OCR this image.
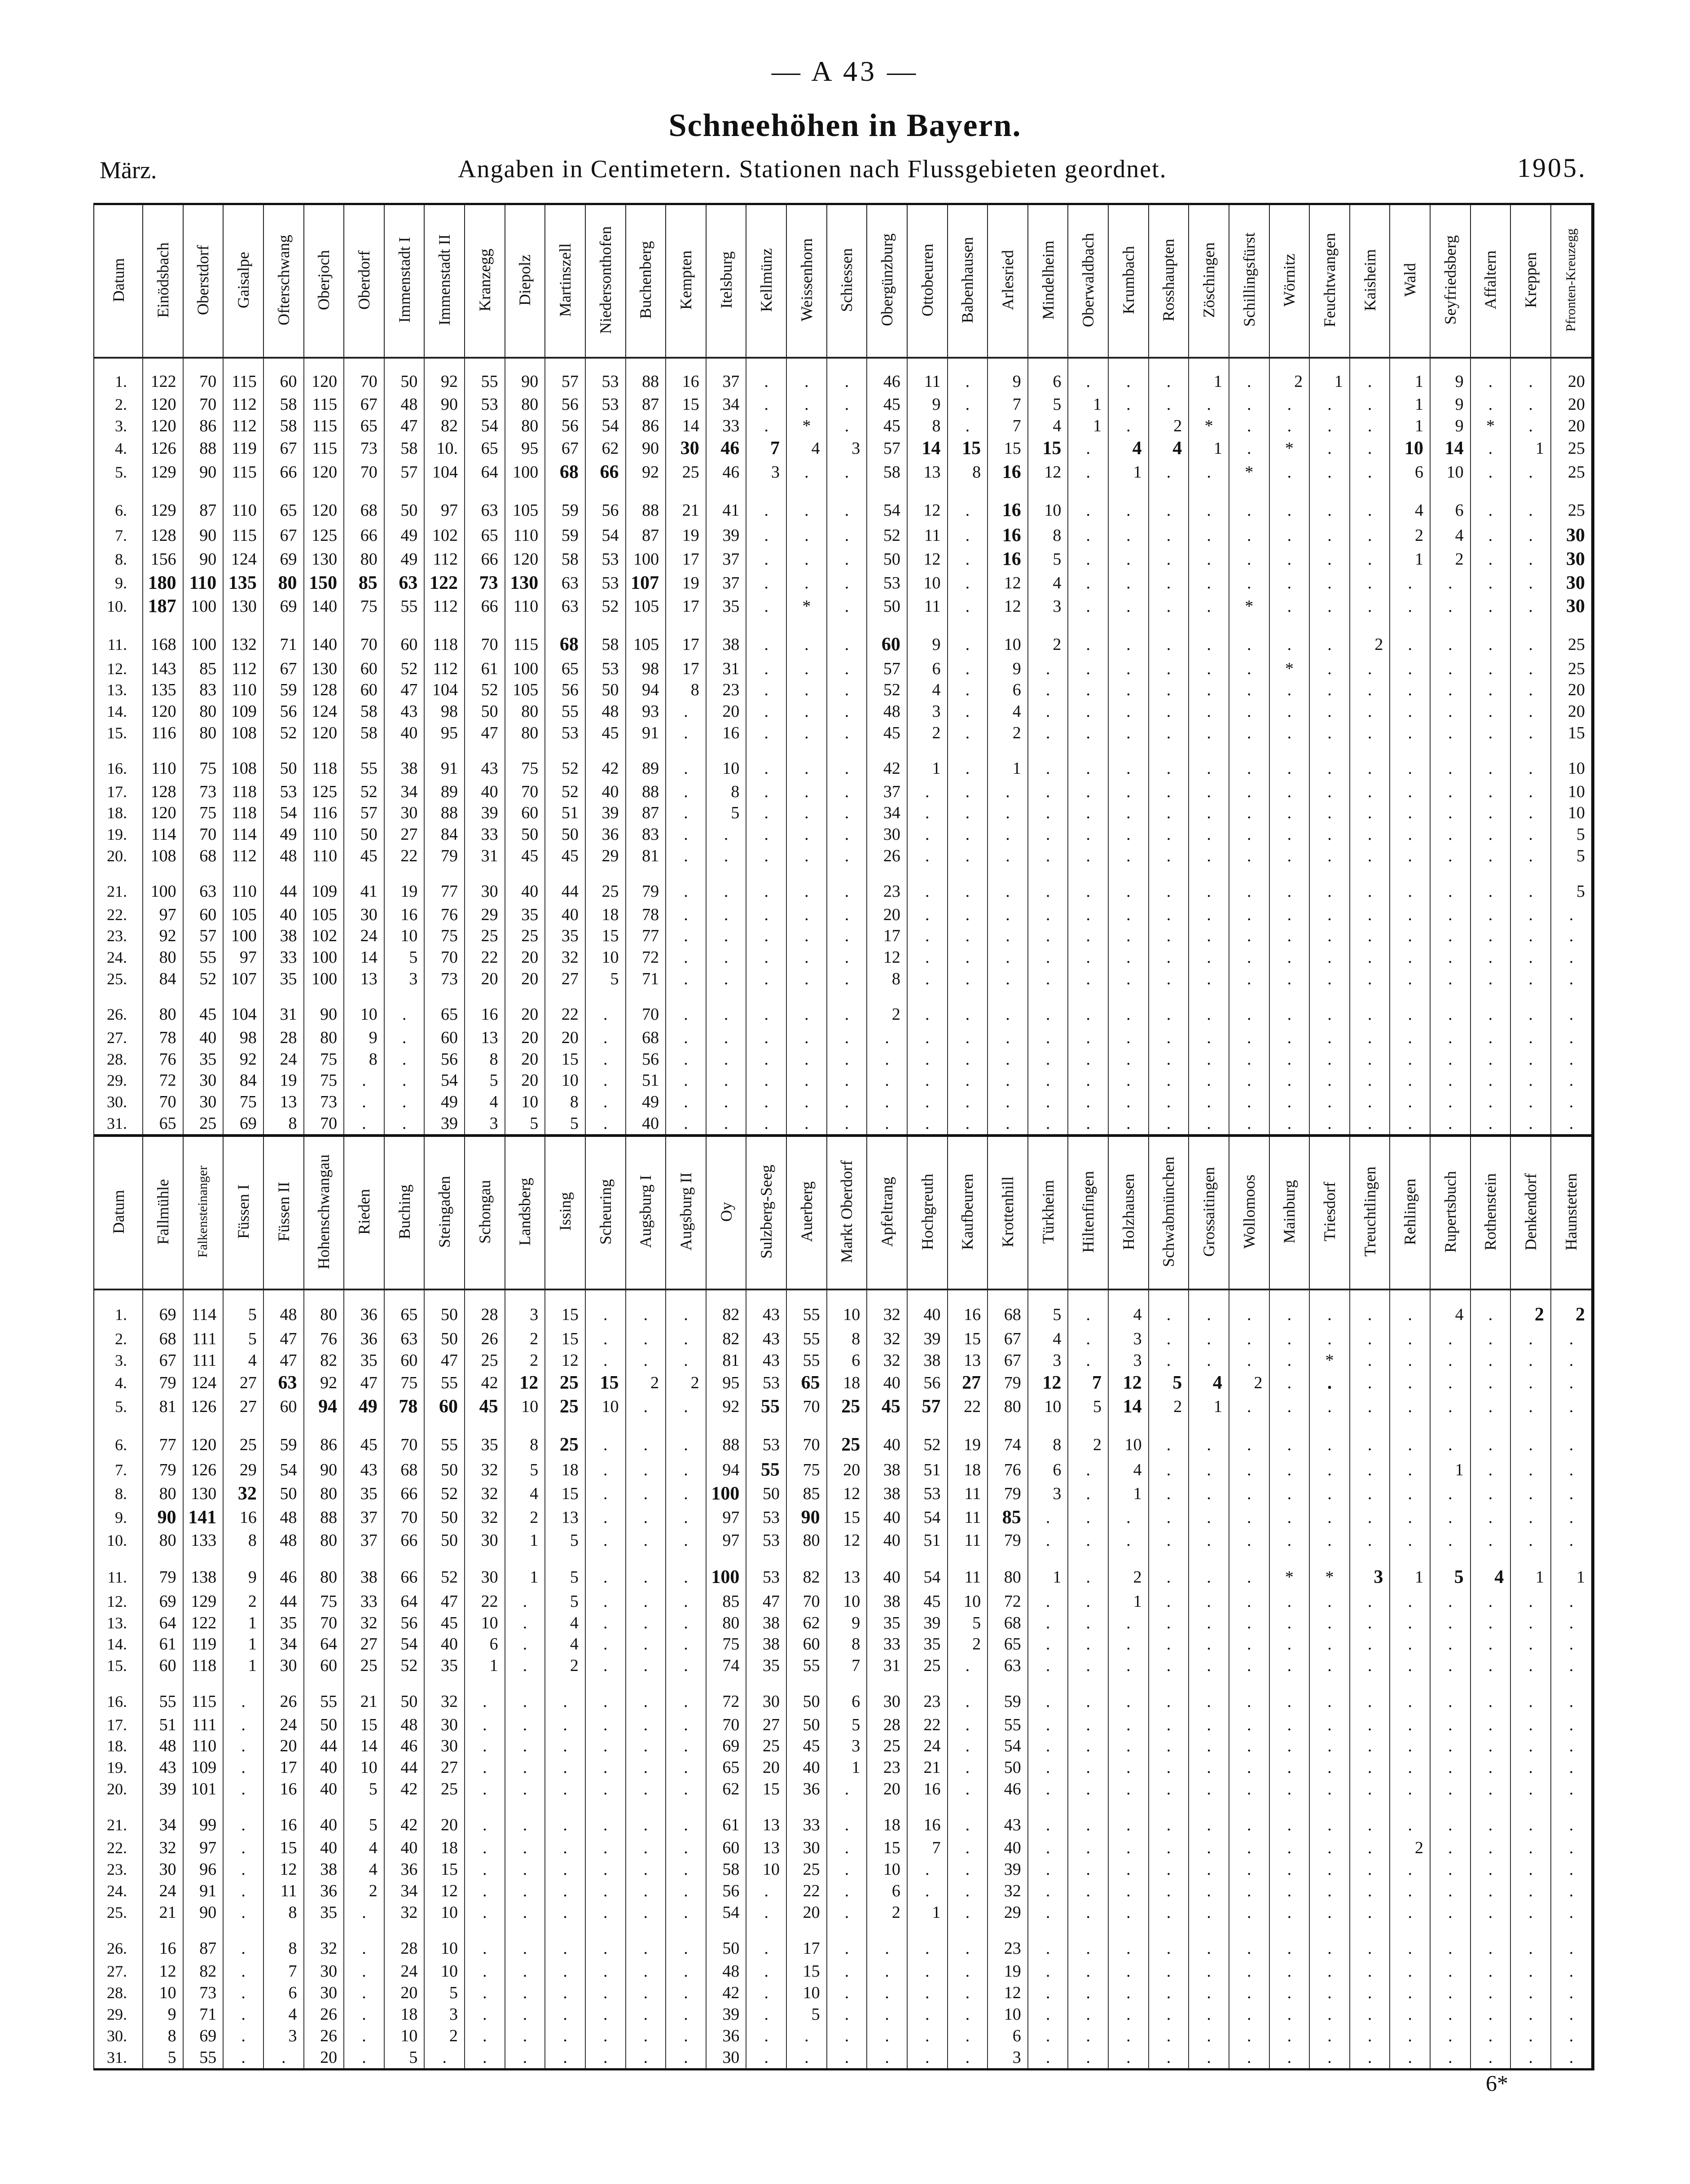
— A 43 —
Schneehöhen in Bayern.
März.	Angaben in Centimetern. Stationen nach Flussgebieten geordnet.	1905.
Datum	Einödsbach	Oberstdorf	Gaisalpe	Ofterschwang	Oberjoch	Oberdorf	Immenstadt I	Immenstadt II	Kranzegg	Diepolz	Martinszell	Niedersonthofen	Buchenberg	Kempten	Itelsburg	Kellmünz	Weissenhorn	Schiessen	Obergünzburg	Ottobeuren	Babenhausen	Arlesried	Mindelheim	Oberwaldbach	Krumbach	Rosshaupten	Zöschingen	Schillingsfürst	Wörnitz	Feuchtwangen	Kaisheim	Wald	Seyfriedsberg	Affaltern	Kreppen	Pfronten-Kreuzegg
1.	122	70	115	60	120	70	50	92	55	90	57	53	88	16	37	.	.	.	46	11	.	9	6	.	.	.	1	.	2	1	.	1	9	.	.	20
2.	120	70	112	58	115	67	48	90	53	80	56	53	87	15	34	.	.	.	45	9	.	7	5	1	.	.	.	.	.	.	.	1	9	.	.	20
3.	120	86	112	58	115	65	47	82	54	80	56	54	86	14	33	.	*	.	45	8	.	7	4	1	.	2	*	.	.	.	.	1	9	*	.	20
4.	126	88	119	67	115	73	58	10.	65	95	67	62	90	30	46	7	4	3	57	14	15	15	15	.	4	4	1	.	*	.	.	10	14	.	1	25
5.	129	90	115	66	120	70	57	104	64	100	68	66	92	25	46	3	.	.	58	13	8	16	12	.	1	.	.	*	.	.	.	6	10	.	.	25
6.	129	87	110	65	120	68	50	97	63	105	59	56	88	21	41	.	.	.	54	12	.	16	10	.	.	.	.	.	.	.	.	4	6	.	.	25
7.	128	90	115	67	125	66	49	102	65	110	59	54	87	19	39	.	.	.	52	11	.	16	8	.	.	.	.	.	.	.	.	2	4	.	.	30
8.	156	90	124	69	130	80	49	112	66	120	58	53	100	17	37	.	.	.	50	12	.	16	5	.	.	.	.	.	.	.	.	1	2	.	.	30
9.	180	110	135	80	150	85	63	122	73	130	63	53	107	19	37	.	.	.	53	10	.	12	4	.	.	.	.	.	.	.	.	.	.	.	.	30
10.	187	100	130	69	140	75	55	112	66	110	63	52	105	17	35	.	*	.	50	11	.	12	3	.	.	.	.	*	.	.	.	.	.	.	.	30
11.	168	100	132	71	140	70	60	118	70	115	68	58	105	17	38	.	.	.	60	9	.	10	2	.	.	.	.	.	.	.	2	.	.	.	.	25
12.	143	85	112	67	130	60	52	112	61	100	65	53	98	17	31	.	.	.	57	6	.	9	.	.	.	.	.	.	*	.	.	.	.	.	.	25
13.	135	83	110	59	128	60	47	104	52	105	56	50	94	8	23	.	.	.	52	4	.	6	.	.	.	.	.	.	.	.	.	.	.	.	.	20
14.	120	80	109	56	124	58	43	98	50	80	55	48	93	.	20	.	.	.	48	3	.	4	.	.	.	.	.	.	.	.	.	.	.	.	.	20
15.	116	80	108	52	120	58	40	95	47	80	53	45	91	.	16	.	.	.	45	2	.	2	.	.	.	.	.	.	.	.	.	.	.	.	.	15
16.	110	75	108	50	118	55	38	91	43	75	52	42	89	.	10	.	.	.	42	1	.	1	.	.	.	.	.	.	.	.	.	.	.	.	.	10
17.	128	73	118	53	125	52	34	89	40	70	52	40	88	.	8	.	.	.	37	.	.	.	.	.	.	.	.	.	.	.	.	.	.	.	.	10
18.	120	75	118	54	116	57	30	88	39	60	51	39	87	.	5	.	.	.	34	.	.	.	.	.	.	.	.	.	.	.	.	.	.	.	.	10
19.	114	70	114	49	110	50	27	84	33	50	50	36	83	.	.	.	.	.	30	.	.	.	.	.	.	.	.	.	.	.	.	.	.	.	.	5
20.	108	68	112	48	110	45	22	79	31	45	45	29	81	.	.	.	.	.	26	.	.	.	.	.	.	.	.	.	.	.	.	.	.	.	.	5
21.	100	63	110	44	109	41	19	77	30	40	44	25	79	.	.	.	.	.	23	.	.	.	.	.	.	.	.	.	.	.	.	.	.	.	.	5
22.	97	60	105	40	105	30	16	76	29	35	40	18	78	.	.	.	.	.	20	.	.	.	.	.	.	.	.	.	.	.	.	.	.	.	.	.
23.	92	57	100	38	102	24	10	75	25	25	35	15	77	.	.	.	.	.	17	.	.	.	.	.	.	.	.	.	.	.	.	.	.	.	.	.
24.	80	55	97	33	100	14	5	70	22	20	32	10	72	.	.	.	.	.	12	.	.	.	.	.	.	.	.	.	.	.	.	.	.	.	.	.
25.	84	52	107	35	100	13	3	73	20	20	27	5	71	.	.	.	.	.	8	.	.	.	.	.	.	.	.	.	.	.	.	.	.	.	.	.
26.	80	45	104	31	90	10	.	65	16	20	22	.	70	.	.	.	.	.	2	.	.	.	.	.	.	.	.	.	.	.	.	.	.	.	.	.
27.	78	40	98	28	80	9	.	60	13	20	20	.	68	.	.	.	.	.	.	.	.	.	.	.	.	.	.	.	.	.	.	.	.	.	.	.
28.	76	35	92	24	75	8	.	56	8	20	15	.	56	.	.	.	.	.	.	.	.	.	.	.	.	.	.	.	.	.	.	.	.	.	.	.
29.	72	30	84	19	75	.	.	54	5	20	10	.	51	.	.	.	.	.	.	.	.	.	.	.	.	.	.	.	.	.	.	.	.	.	.	.
30.	70	30	75	13	73	.	.	49	4	10	8	.	49	.	.	.	.	.	.	.	.	.	.	.	.	.	.	.	.	.	.	.	.	.	.	.
31.	65	25	69	8	70	.	.	39	3	5	5	.	40	.	.	.	.	.	.	.	.	.	.	.	.	.	.	.	.	.	.	.	.	.	.	.
Datum	Fallmühle	Falkensteinanger	Füssen I	Füssen II	Hohenschwangau	Rieden	Buching	Steingaden	Schongau	Landsberg	Issing	Scheuring	Augsburg I	Augsburg II	Oy	Sulzberg-Seeg	Auerberg	Markt Oberdorf	Apfeltrang	Hochgreuth	Kaufbeuren	Krottenhill	Türkheim	Hiltenfingen	Holzhausen	Schwabmünchen	Grossaitingen	Wollomoos	Mainburg	Triesdorf	Treuchtlingen	Rehlingen	Rupertsbuch	Rothenstein	Denkendorf	Haunstetten
1.	69	114	5	48	80	36	65	50	28	3	15	.	.	.	82	43	55	10	32	40	16	68	5	.	4	.	.	.	.	.	.	.	4	.	2	2
2.	68	111	5	47	76	36	63	50	26	2	15	.	.	.	82	43	55	8	32	39	15	67	4	.	3	.	.	.	.	.	.	.	.	.	.	.
3.	67	111	4	47	82	35	60	47	25	2	12	.	.	.	81	43	55	6	32	38	13	67	3	.	3	.	.	.	.	*	.	.	.	.	.	.
4.	79	124	27	63	92	47	75	55	42	12	25	15	2	2	95	53	65	18	40	56	27	79	12	7	12	5	4	2	.	.	.	.	.	.	.	.
5.	81	126	27	60	94	49	78	60	45	10	25	10	.	.	92	55	70	25	45	57	22	80	10	5	14	2	1	.	.	.	.	.	.	.	.	.
6.	77	120	25	59	86	45	70	55	35	8	25	.	.	.	88	53	70	25	40	52	19	74	8	2	10	.	.	.	.	.	.	.	.	.	.	.
7.	79	126	29	54	90	43	68	50	32	5	18	.	.	.	94	55	75	20	38	51	18	76	6	.	4	.	.	.	.	.	.	.	1	.	.	.
8.	80	130	32	50	80	35	66	52	32	4	15	.	.	.	100	50	85	12	38	53	11	79	3	.	1	.	.	.	.	.	.	.	.	.	.	.
9.	90	141	16	48	88	37	70	50	32	2	13	.	.	.	97	53	90	15	40	54	11	85	.	.	.	.	.	.	.	.	.	.	.	.	.	.
10.	80	133	8	48	80	37	66	50	30	1	5	.	.	.	97	53	80	12	40	51	11	79	.	.	.	.	.	.	.	.	.	.	.	.	.	.
11.	79	138	9	46	80	38	66	52	30	1	5	.	.	.	100	53	82	13	40	54	11	80	1	.	2	.	.	.	*	*	3	1	5	4	1	1
12.	69	129	2	44	75	33	64	47	22	.	5	.	.	.	85	47	70	10	38	45	10	72	.	.	1	.	.	.	.	.	.	.	.	.	.	.
13.	64	122	1	35	70	32	56	45	10	.	4	.	.	.	80	38	62	9	35	39	5	68	.	.	.	.	.	.	.	.	.	.	.	.	.	.
14.	61	119	1	34	64	27	54	40	6	.	4	.	.	.	75	38	60	8	33	35	2	65	.	.	.	.	.	.	.	.	.	.	.	.	.	.
15.	60	118	1	30	60	25	52	35	1	.	2	.	.	.	74	35	55	7	31	25	.	63	.	.	.	.	.	.	.	.	.	.	.	.	.	.
16.	55	115	.	26	55	21	50	32	.	.	.	.	.	.	72	30	50	6	30	23	.	59	.	.	.	.	.	.	.	.	.	.	.	.	.	.
17.	51	111	.	24	50	15	48	30	.	.	.	.	.	.	70	27	50	5	28	22	.	55	.	.	.	.	.	.	.	.	.	.	.	.	.	.
18.	48	110	.	20	44	14	46	30	.	.	.	.	.	.	69	25	45	3	25	24	.	54	.	.	.	.	.	.	.	.	.	.	.	.	.	.
19.	43	109	.	17	40	10	44	27	.	.	.	.	.	.	65	20	40	1	23	21	.	50	.	.	.	.	.	.	.	.	.	.	.	.	.	.
20.	39	101	.	16	40	5	42	25	.	.	.	.	.	.	62	15	36	.	20	16	.	46	.	.	.	.	.	.	.	.	.	.	.	.	.	.
21.	34	99	.	16	40	5	42	20	.	.	.	.	.	.	61	13	33	.	18	16	.	43	.	.	.	.	.	.	.	.	.	.	.	.	.	.
22.	32	97	.	15	40	4	40	18	.	.	.	.	.	.	60	13	30	.	15	7	.	40	.	.	.	.	.	.	.	.	.	2	.	.	.	.
23.	30	96	.	12	38	4	36	15	.	.	.	.	.	.	58	10	25	.	10	.	.	39	.	.	.	.	.	.	.	.	.	.	.	.	.	.
24.	24	91	.	11	36	2	34	12	.	.	.	.	.	.	56	.	22	.	6	.	.	32	.	.	.	.	.	.	.	.	.	.	.	.	.	.
25.	21	90	.	8	35	.	32	10	.	.	.	.	.	.	54	.	20	.	2	1	.	29	.	.	.	.	.	.	.	.	.	.	.	.	.	.
26.	16	87	.	8	32	.	28	10	.	.	.	.	.	.	50	.	17	.	.	.	.	23	.	.	.	.	.	.	.	.	.	.	.	.	.	.
27.	12	82	.	7	30	.	24	10	.	.	.	.	.	.	48	.	15	.	.	.	.	19	.	.	.	.	.	.	.	.	.	.	.	.	.	.
28.	10	73	.	6	30	.	20	5	.	.	.	.	.	.	42	.	10	.	.	.	.	12	.	.	.	.	.	.	.	.	.	.	.	.	.	.
29.	9	71	.	4	26	.	18	3	.	.	.	.	.	.	39	.	5	.	.	.	.	10	.	.	.	.	.	.	.	.	.	.	.	.	.	.
30.	8	69	.	3	26	.	10	2	.	.	.	.	.	.	36	.	.	.	.	.	.	6	.	.	.	.	.	.	.	.	.	.	.	.	.	.
31.	5	55	.	.	20	.	5	.	.	.	.	.	.	.	30	.	.	.	.	.	.	3	.	.	.	.	.	.	.	.	.	.	.	.	.	.
6*
